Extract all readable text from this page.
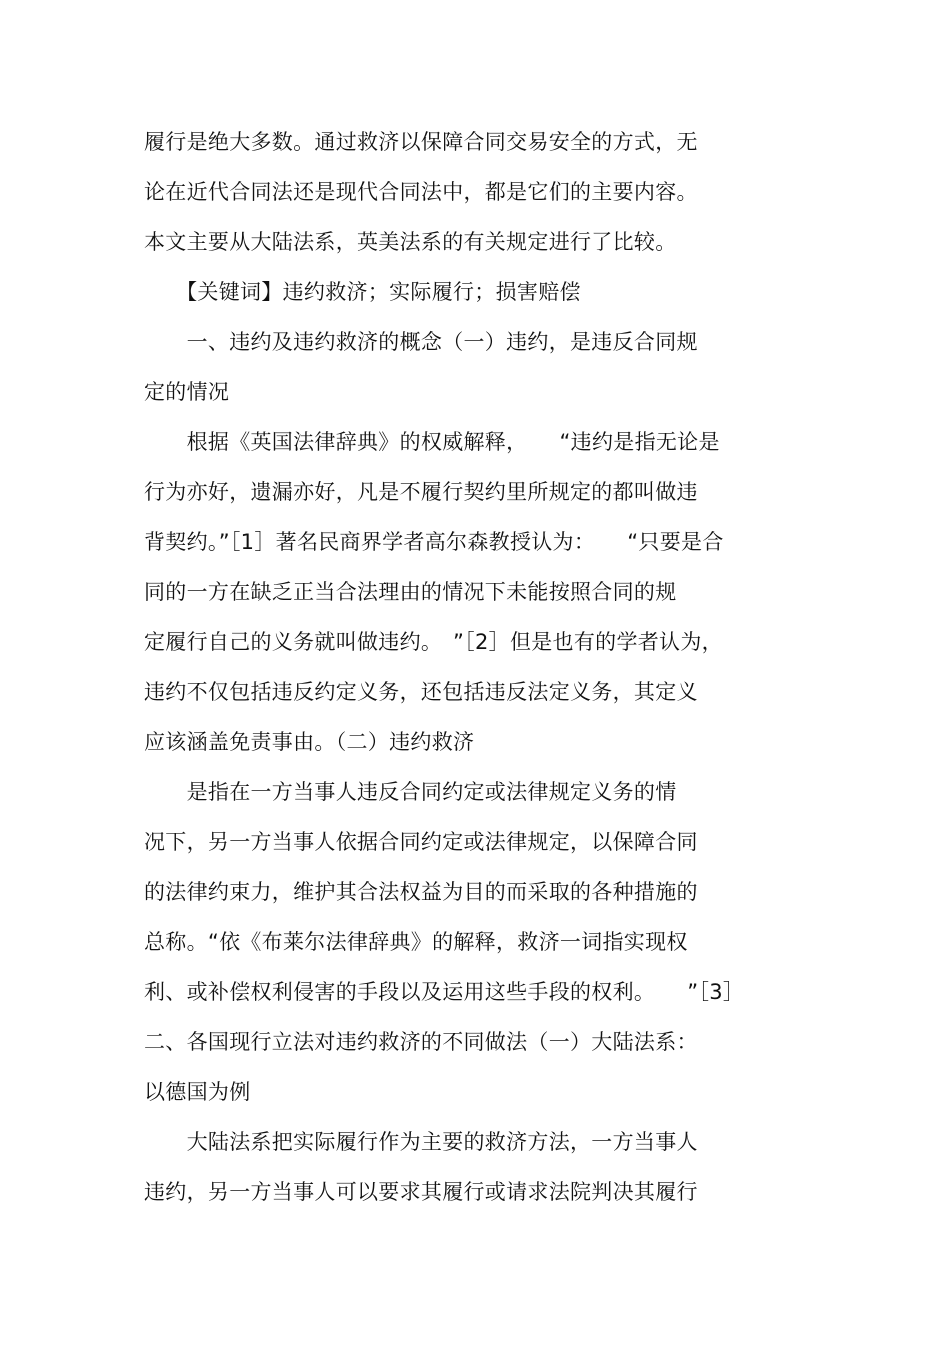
履行是绝大多数。通过救济以保障合同交易安全的方式，无
论在近代合同法还是现代合同法中，都是它们的主要内容。
本文主要从大陆法系，英美法系的有关规定进行了比较。
　　【关键词】违约救济；实际履行；损害赔偿
　　一、违约及违约救济的概念（一）违约，是违反合同规
定的情况
　　根据《英国法律辞典》的权威解释，　　“违约是指无论是
行为亦好，遗漏亦好，凡是不履行契约里所规定的都叫做违
背契约。”［1］著名民商界学者高尔森教授认为：　　“只要是合
同的一方在缺乏正当合法理由的情况下未能按照合同的规
定履行自己的义务就叫做违约。　”［2］但是也有的学者认为，
违约不仅包括违反约定义务，还包括违反法定义务，其定义
应该涵盖免责事由。（二）违约救济
　　是指在一方当事人违反合同约定或法律规定义务的情
况下，另一方当事人依据合同约定或法律规定，以保障合同
的法律约束力，维护其合法权益为目的而采取的各种措施的
总称。“依《布莱尔法律辞典》的解释，救济一词指实现权
利、或补偿权利侵害的手段以及运用这些手段的权利。　　”［3］
二、各国现行立法对违约救济的不同做法（一）大陆法系：
以德国为例
　　大陆法系把实际履行作为主要的救济方法，一方当事人
违约，另一方当事人可以要求其履行或请求法院判决其履行
